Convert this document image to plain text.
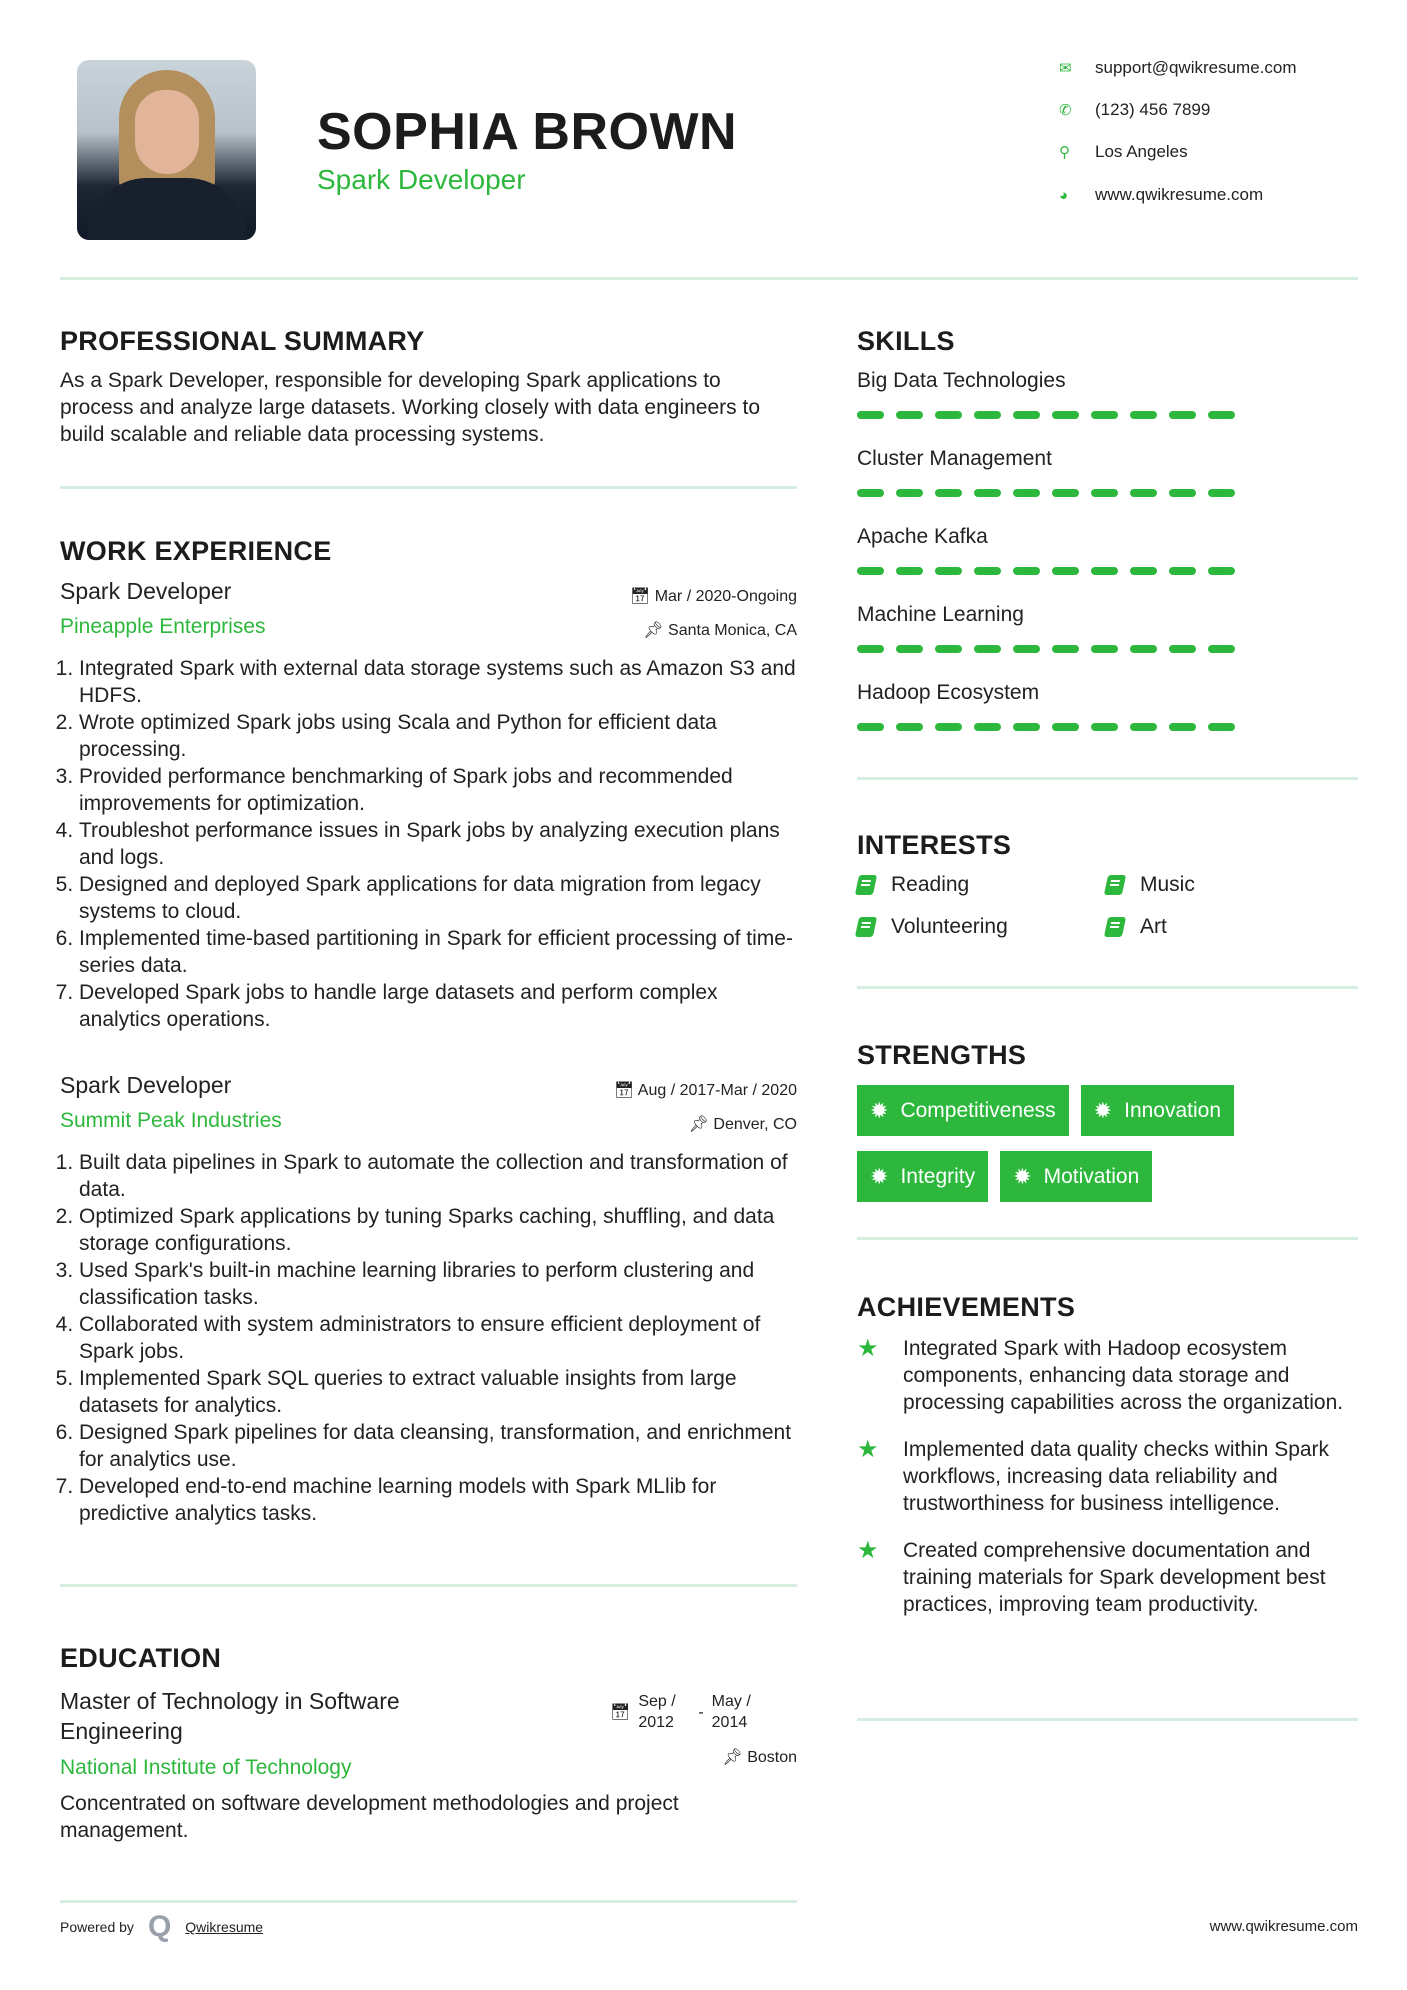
SOPHIA BROWN
Spark Developer
✉	support@qwikresume.com
✆	(123) 456 7899
⚲	Los Angeles
◕	www.qwikresume.com
PROFESSIONAL SUMMARY
As a Spark Developer, responsible for developing Spark applications to process and analyze large datasets. Working closely with data engineers to build scalable and reliable data processing systems.
WORK EXPERIENCE
Spark Developer
Pineapple Enterprises
📅︎ Mar / 2020-Ongoing
📌︎ Santa Monica, CA
1. Integrated Spark with external data storage systems such as Amazon S3 and HDFS.
2. Wrote optimized Spark jobs using Scala and Python for efficient data processing.
3. Provided performance benchmarking of Spark jobs and recommended improvements for optimization.
4. Troubleshot performance issues in Spark jobs by analyzing execution plans and logs.
5. Designed and deployed Spark applications for data migration from legacy systems to cloud.
6. Implemented time-based partitioning in Spark for efficient processing of time-series data.
7. Developed Spark jobs to handle large datasets and perform complex analytics operations.
Spark Developer
Summit Peak Industries
📅︎ Aug / 2017-Mar / 2020
📌︎ Denver, CO
1. Built data pipelines in Spark to automate the collection and transformation of data.
2. Optimized Spark applications by tuning Sparks caching, shuffling, and data storage configurations.
3. Used Spark's built-in machine learning libraries to perform clustering and classification tasks.
4. Collaborated with system administrators to ensure efficient deployment of Spark jobs.
5. Implemented Spark SQL queries to extract valuable insights from large datasets for analytics.
6. Designed Spark pipelines for data cleansing, transformation, and enrichment for analytics use.
7. Developed end-to-end machine learning models with Spark MLlib for predictive analytics tasks.
EDUCATION
Master of Technology in Software Engineering
National Institute of Technology
Concentrated on software development methodologies and project management.
📅︎
Sep /
2012
-
May /
2014
📌︎ Boston
Powered by Q Qwikresume	www.qwikresume.com
SKILLS
Big Data Technologies
Cluster Management
Apache Kafka
Machine Learning
Hadoop Ecosystem
INTERESTS
Reading	Music
Volunteering	Art
STRENGTHS
✹ Competitiveness ✹ Innovation
✹ Integrity ✹ Motivation
ACHIEVEMENTS
★	Integrated Spark with Hadoop ecosystem components, enhancing data storage and processing capabilities across the organization.
★	Implemented data quality checks within Spark workflows, increasing data reliability and trustworthiness for business intelligence.
★	Created comprehensive documentation and training materials for Spark development best practices, improving team productivity.
